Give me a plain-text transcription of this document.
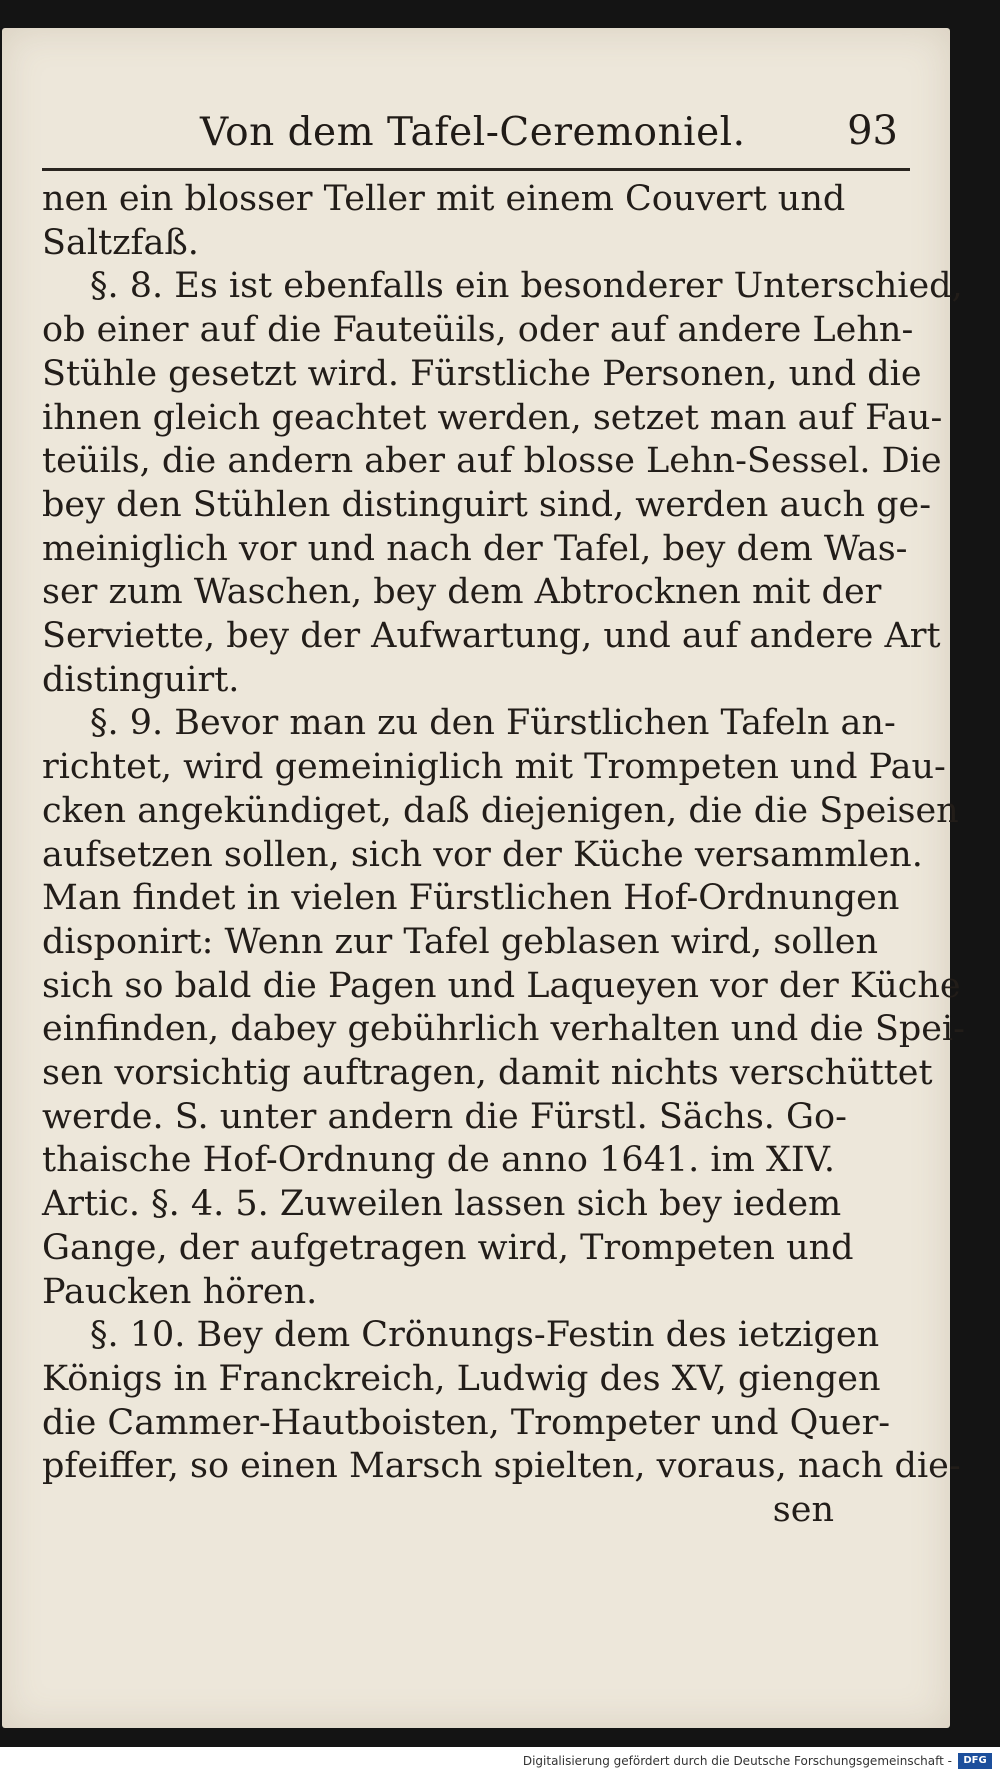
Von dem Tafel-Ceremoniel.	93
nen ein blosser Teller mit einem Couvert und
Saltzfaß.
§. 8. Es ist ebenfalls ein besonderer Unterschied,
ob einer auf die Fauteüils, oder auf andere Lehn-
Stühle gesetzt wird. Fürstliche Personen, und die
ihnen gleich geachtet werden, setzet man auf Fau-
teüils, die andern aber auf blosse Lehn-Sessel. Die
bey den Stühlen distinguirt sind, werden auch ge-
meiniglich vor und nach der Tafel, bey dem Was-
ser zum Waschen, bey dem Abtrocknen mit der
Serviette, bey der Aufwartung, und auf andere Art
distinguirt.
§. 9. Bevor man zu den Fürstlichen Tafeln an-
richtet, wird gemeiniglich mit Trompeten und Pau-
cken angekündiget, daß diejenigen, die die Speisen
aufsetzen sollen, sich vor der Küche versammlen.
Man findet in vielen Fürstlichen Hof-Ordnungen
disponirt: Wenn zur Tafel geblasen wird, sollen
sich so bald die Pagen und Laqueyen vor der Küche
einfinden, dabey gebührlich verhalten und die Spei-
sen vorsichtig auftragen, damit nichts verschüttet
werde. S. unter andern die Fürstl. Sächs. Go-
thaische Hof-Ordnung de anno 1641. im XIV.
Artic. §. 4. 5. Zuweilen lassen sich bey iedem
Gange, der aufgetragen wird, Trompeten und
Paucken hören.
§. 10. Bey dem Crönungs-Festin des ietzigen
Königs in Franckreich, Ludwig des XV, giengen
die Cammer-Hautboisten, Trompeter und Quer-
pfeiffer, so einen Marsch spielten, voraus, nach die-
sen
Digitalisierung gefördert durch die Deutsche Forschungsgemeinschaft -	DFG
